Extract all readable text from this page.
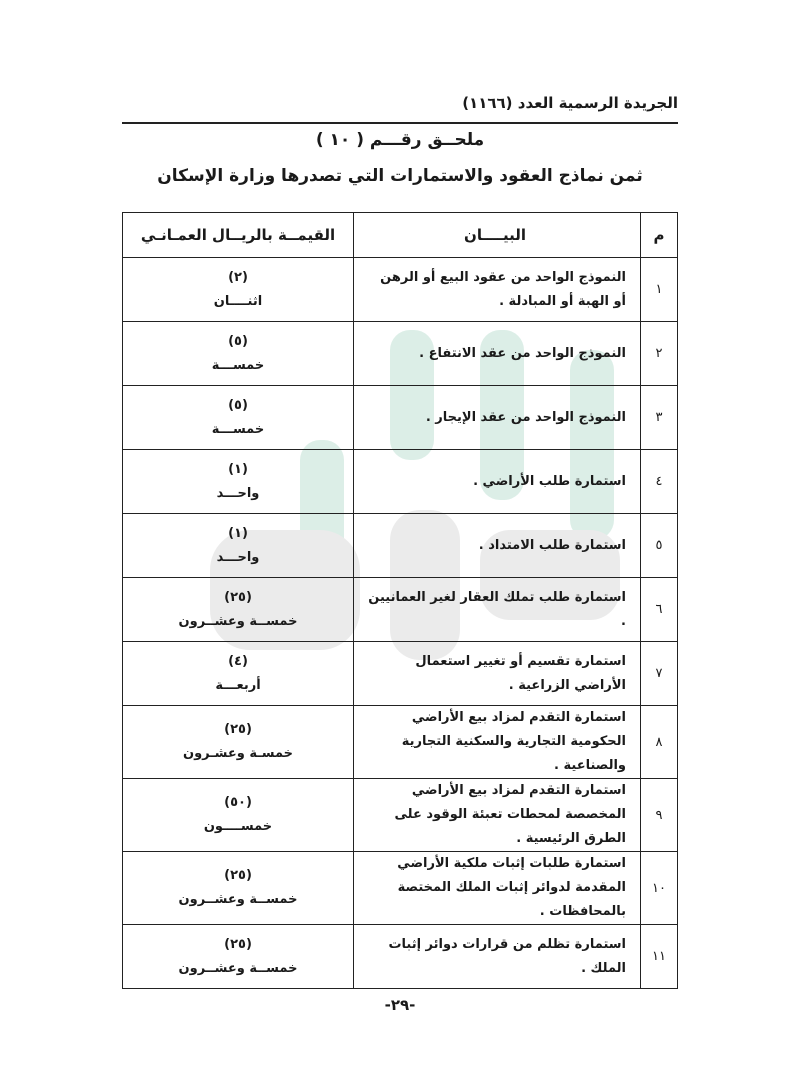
الجريدة الرسمية العدد (١١٦٦)
ملحــق رقـــم ( ١٠ )
ثمن نماذج العقود والاستمارات التي تصدرها وزارة الإسكان
م	البيــــان	القيمــة بالريــال العمـانـي
١	النموذج الواحد من عقود البيع أو الرهن أو الهبة أو المبادلة .	(٢)
اثنــــان

٢	النموذج الواحد من عقد الانتفاع .	(٥)
خمســـة

٣	النموذج الواحد من عقد الإيجار .	(٥)
خمســـة

٤	استمارة طلب الأراضي .	(١)
واحـــد

٥	استمارة طلب الامتداد .	(١)
واحـــد

٦	استمارة طلب تملك العقار لغير العمانيين .	(٢٥)
خمســة وعشــرون

٧	استمارة تقسيم أو تغيير استعمال الأراضي الزراعية .	(٤)
أربعـــة

٨	استمارة التقدم لمزاد بيع الأراضي الحكومية التجارية والسكنية التجارية والصناعية .	(٢٥)
خمسـة وعشـرون

٩	استمارة التقدم لمزاد بيع الأراضي المخصصة لمحطات تعبئة الوقود على الطرق الرئيسية .	(٥٠)
خمســــون

١٠	استمارة طلبات إثبات ملكية الأراضي المقدمة لدوائر إثبات الملك المختصة بالمحافظات .	(٢٥)
خمســة وعشــرون

١١	استمارة تظلم من قرارات دوائر إثبات الملك .	(٢٥)
خمســة وعشــرون
-٢٩-
